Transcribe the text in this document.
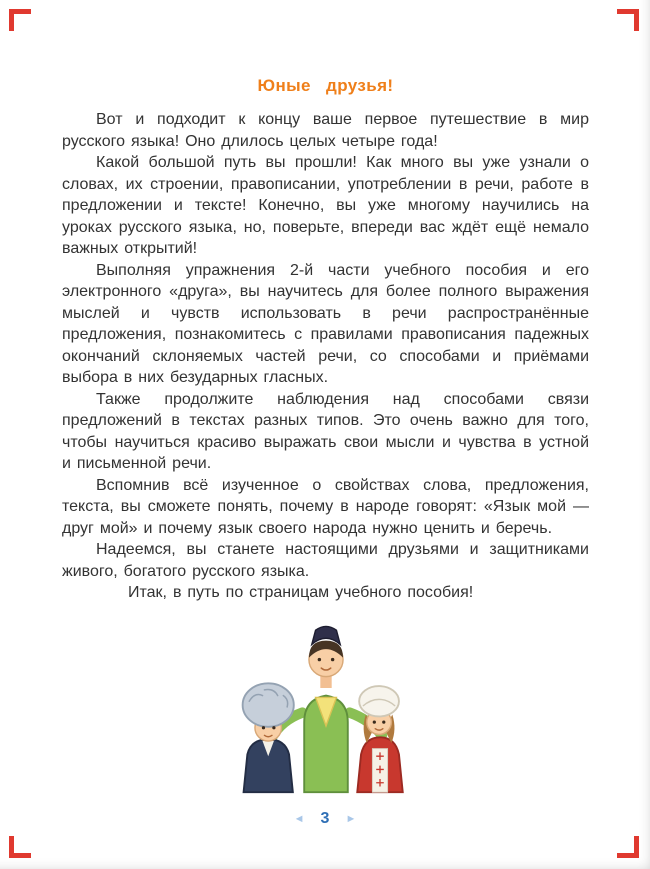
Юные друзья!

Вот и подходит к концу ваше первое путешествие в мир русского языка! Оно длилось целых четыре года!

Какой большой путь вы прошли! Как много вы уже узнали о словах, их строении, правописании, употреблении в речи, работе в предложении и тексте! Конечно, вы уже многому научились на уроках русского языка, но, поверьте, впереди вас ждёт ещё немало важных открытий!

Выполняя упражнения 2-й части учебного пособия и его электронного «друга», вы научитесь для более полного выражения мыслей и чувств использовать в речи распространённые предложения, познакомитесь с правилами правописания падежных окончаний склоняемых частей речи, со способами и приёмами выбора в них безударных гласных.

Также продолжите наблюдения над способами связи предложений в текстах разных типов. Это очень важно для того, чтобы научиться красиво выражать свои мысли и чувства в устной и письменной речи.

Вспомнив всё изученное о свойствах слова, предложения, текста, вы сможете понять, почему в народе говорят: «Язык мой — друг мой» и почему язык своего народа нужно ценить и беречь.

Надеемся, вы станете настоящими друзьями и защитниками живого, богатого русского языка.

Итак, в путь по страницам учебного пособия!

◄ 3 ►
